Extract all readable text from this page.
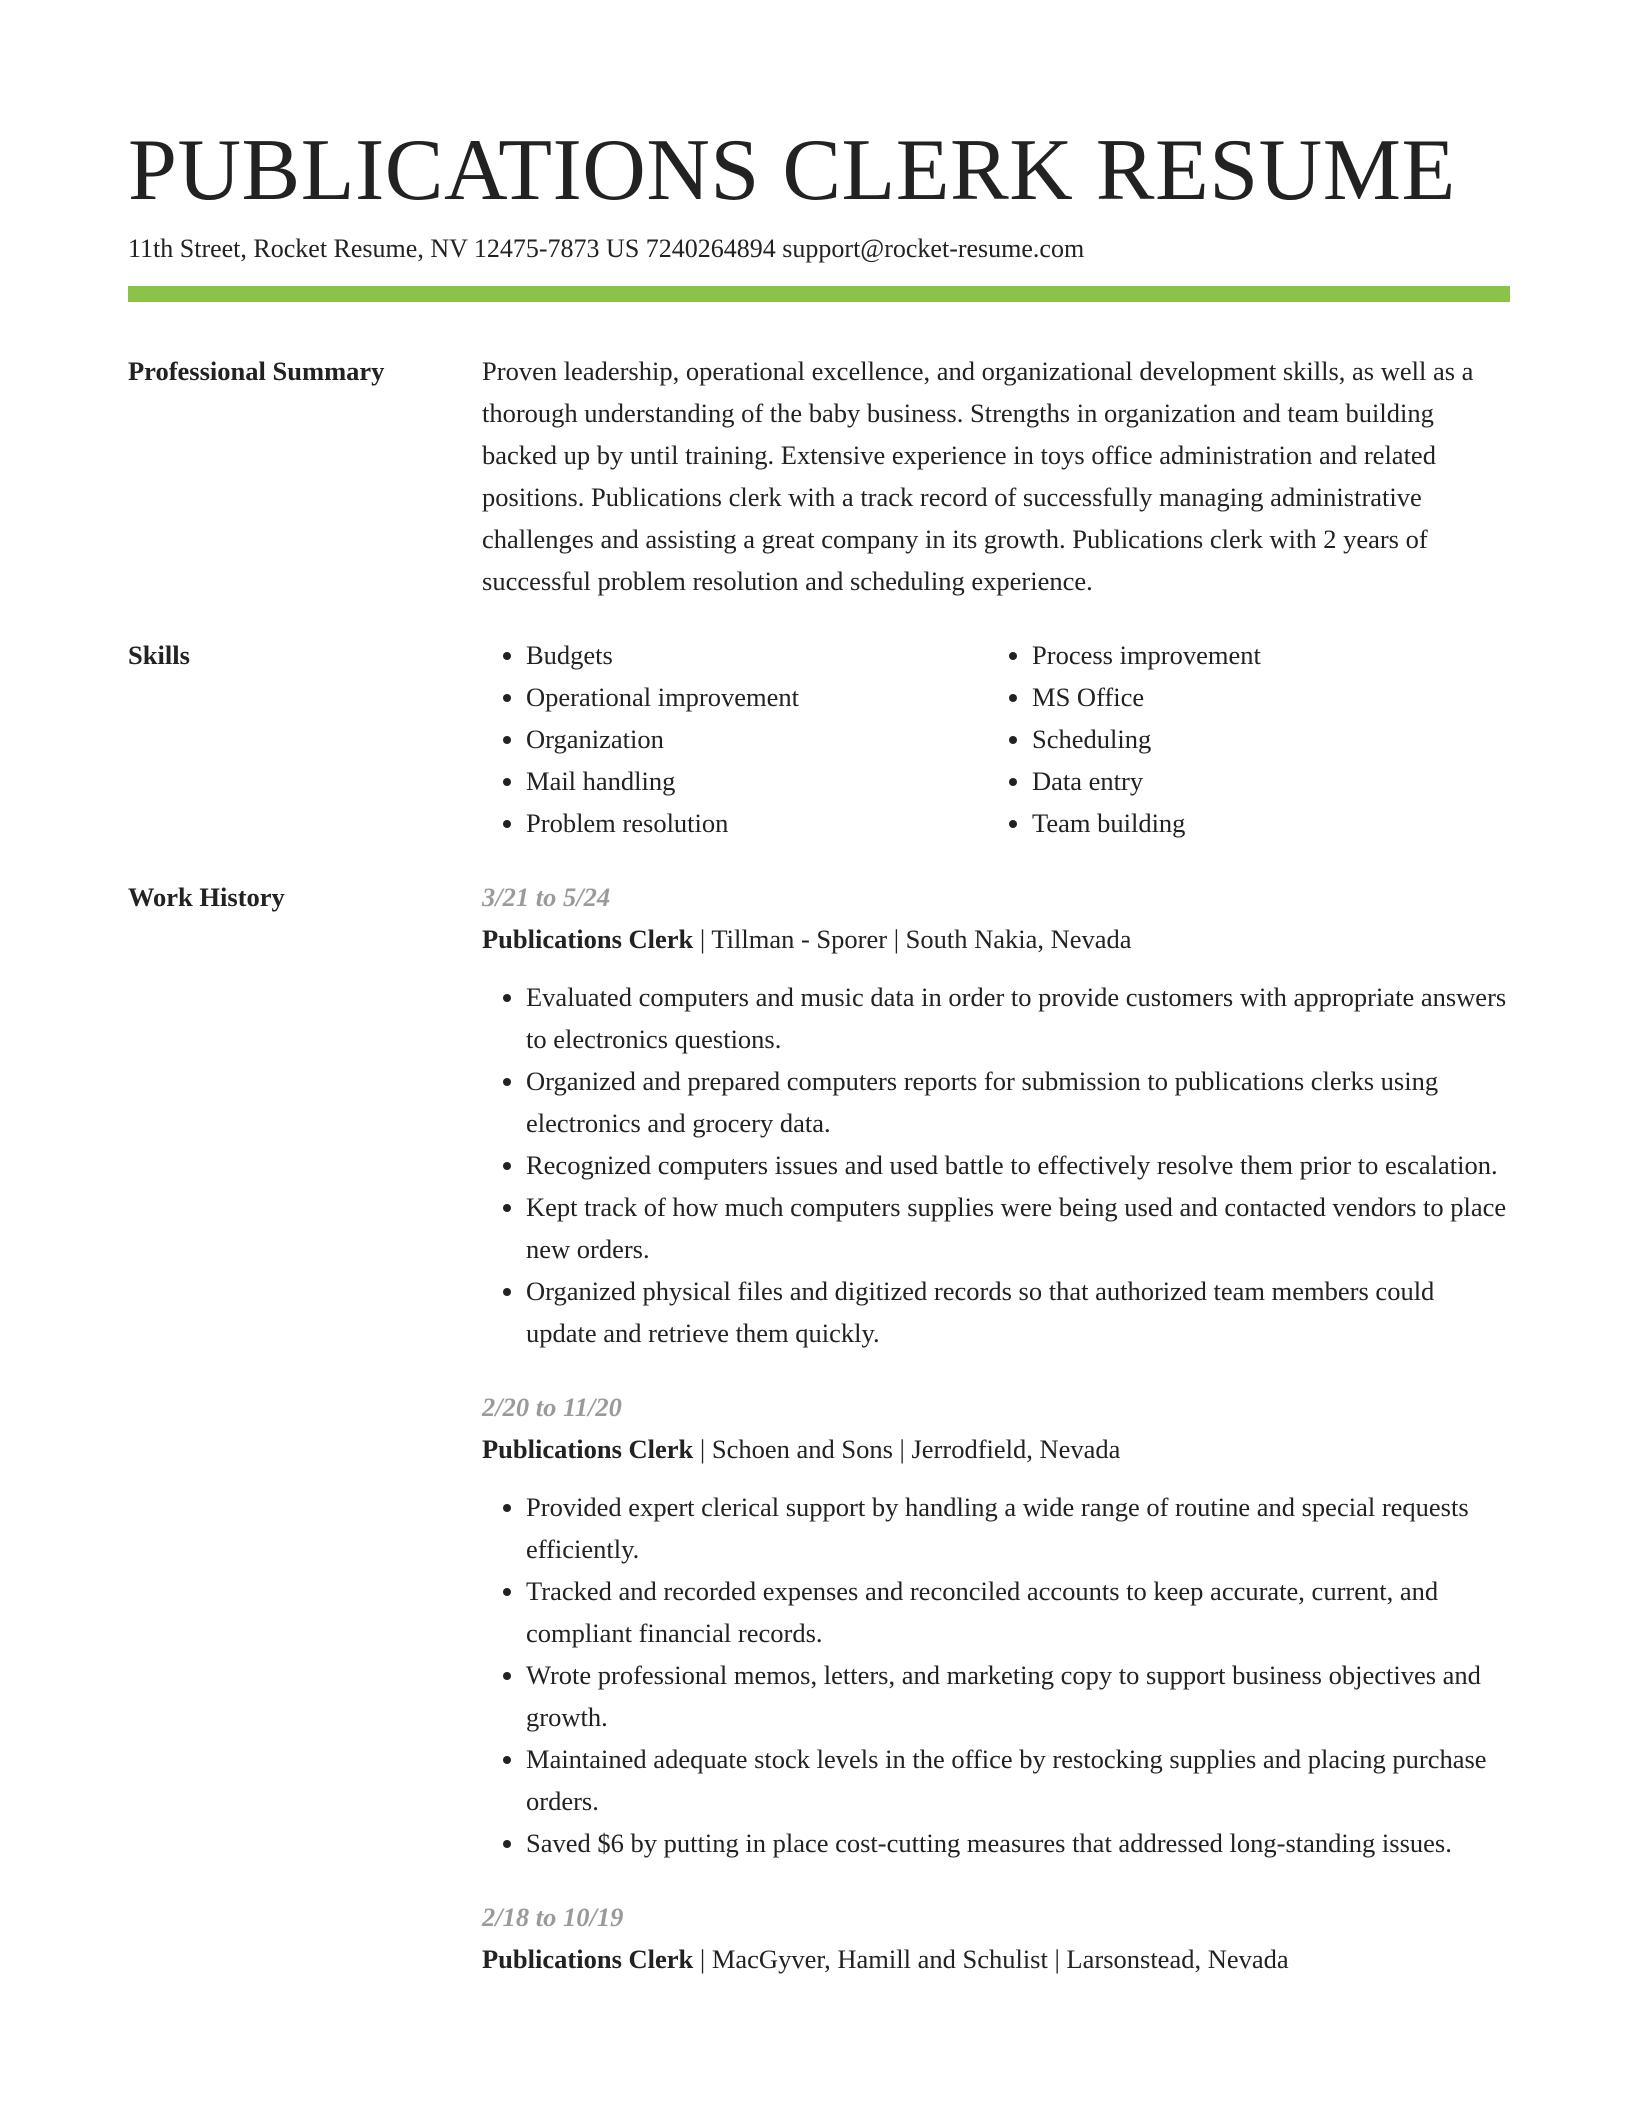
PUBLICATIONS CLERK RESUME
11th Street, Rocket Resume, NV 12475-7873 US 7240264894 support@rocket-resume.com
Professional Summary	Proven leadership, operational excellence, and organizational development skills, as well as a thorough understanding of the baby business. Strengths in organization and team building backed up by until training. Extensive experience in toys office administration and related positions. Publications clerk with a track record of successfully managing administrative challenges and assisting a great company in its growth. Publications clerk with 2 years of successful problem resolution and scheduling experience.

Skills
•	Budgets
• Operational improvement
• Organization
• Mail handling
• Problem resolution
• Process improvement
• MS Office
• Scheduling
• Data entry
• Team building
Work History	3/21 to 5/24
Publications Clerk | Tillman - Sporer | South Nakia, Nevada
• Evaluated computers and music data in order to provide customers with appropriate answers to electronics questions.
• Organized and prepared computers reports for submission to publications clerks using electronics and grocery data.
• Recognized computers issues and used battle to effectively resolve them prior to escalation.
• Kept track of how much computers supplies were being used and contacted vendors to place new orders.
• Organized physical files and digitized records so that authorized team members could update and retrieve them quickly.
2/20 to 11/20
Publications Clerk | Schoen and Sons | Jerrodfield, Nevada
• Provided expert clerical support by handling a wide range of routine and special requests efficiently.
• Tracked and recorded expenses and reconciled accounts to keep accurate, current, and compliant financial records.
• Wrote professional memos, letters, and marketing copy to support business objectives and growth.
• Maintained adequate stock levels in the office by restocking supplies and placing purchase orders.
• Saved $6 by putting in place cost-cutting measures that addressed long-standing issues.
2/18 to 10/19
Publications Clerk | MacGyver, Hamill and Schulist | Larsonstead, Nevada
